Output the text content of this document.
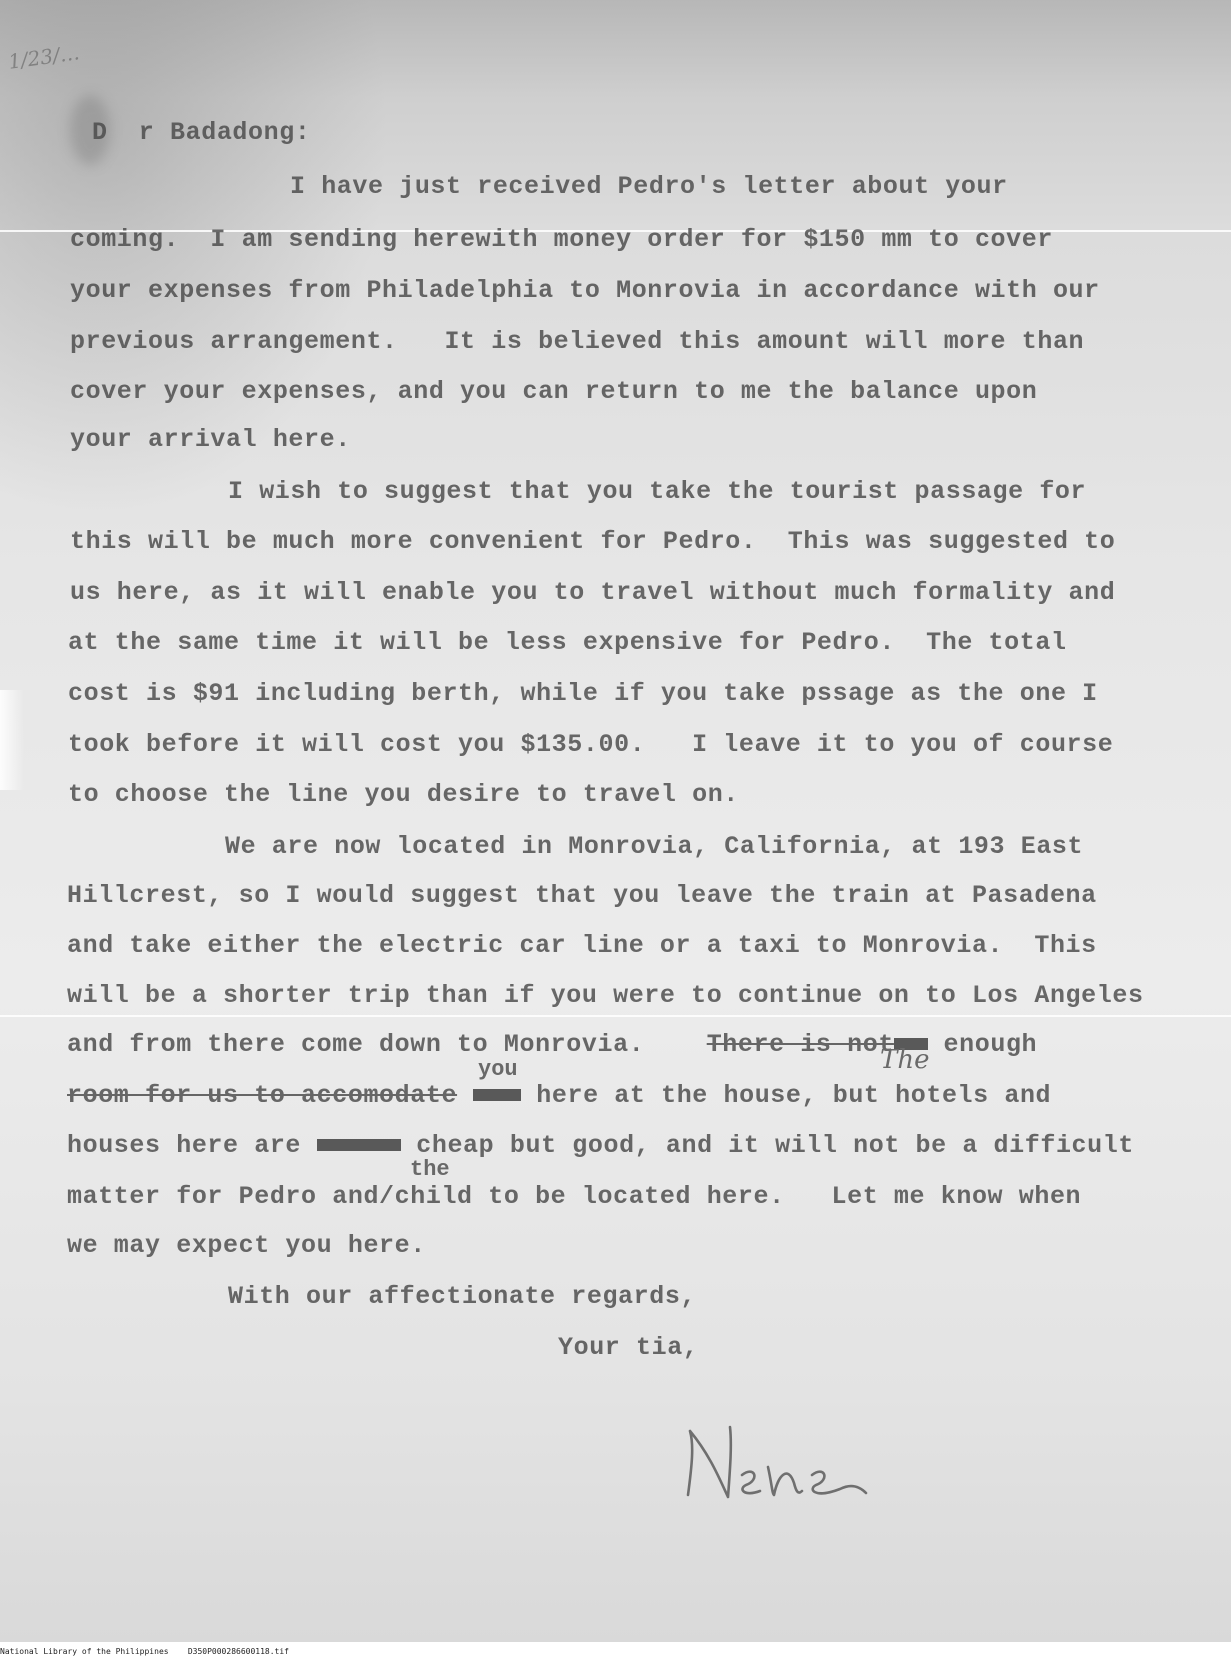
1/23/…
D  r Badadong:
I have just received Pedro's letter about your
coming.  I am sending herewith money order for $150 mm to cover
your expenses from Philadelphia to Monrovia in accordance with our
previous arrangement.   It is believed this amount will more than
cover your expenses, and you can return to me the balance upon
your arrival here.
I wish to suggest that you take the tourist passage for
this will be much more convenient for Pedro.  This was suggested to
us here, as it will enable you to travel without much formality and
at the same time it will be less expensive for Pedro.  The total
cost is $91 including berth, while if you take pssage as the one I
took before it will cost you $135.00.   I leave it to you of course
to choose the line you desire to travel on.
We are now located in Monrovia, California, at 193 East
Hillcrest, so I would suggest that you leave the train at Pasadena
and take either the electric car line or a taxi to Monrovia.  This
will be a shorter trip than if you were to continue on to Los Angeles
and from there come down to Monrovia.    There is not enough
you	The
room for us to accomodate	here at the house, but hotels and
houses here are	cheap but good, and it will not be a difficult
the
matter for Pedro and/child to be located here.   Let me know when
we may expect you here.
With our affectionate regards,
Your tia,
National Library of the Philippines    D350P000286600118.tif
